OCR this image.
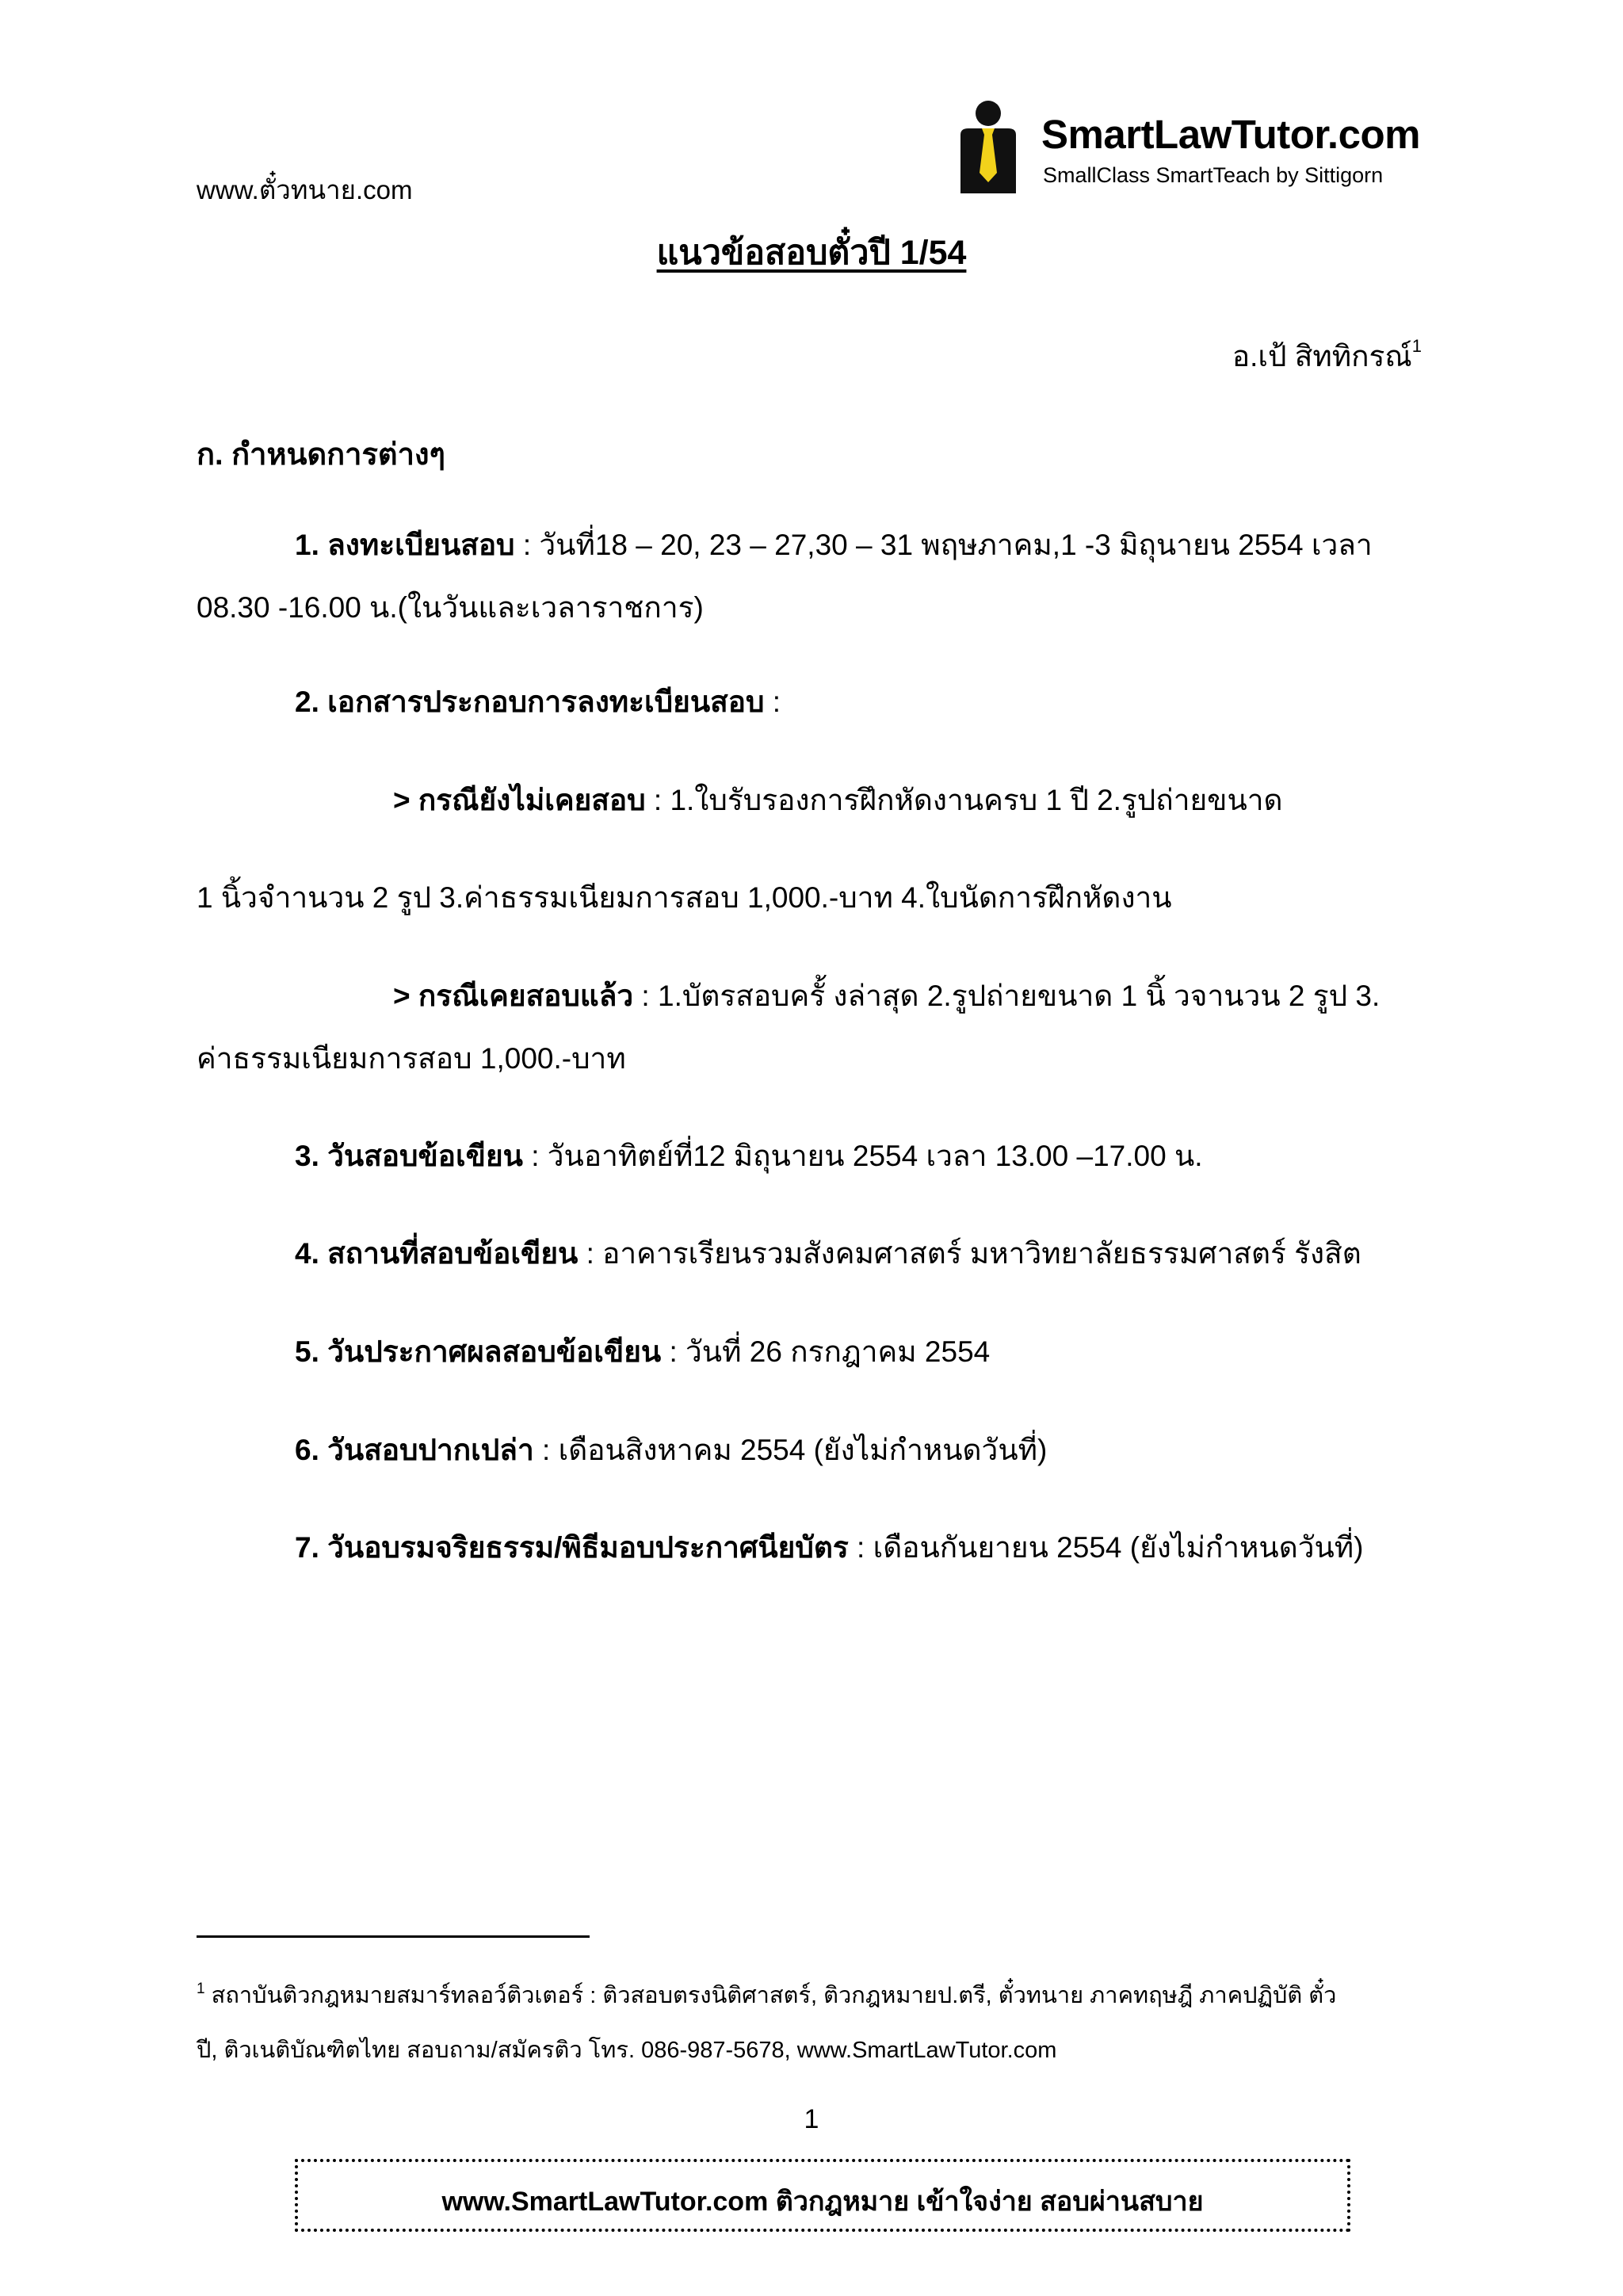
www.ตั๋วทนาย.com
SmartLawTutor.com
SmallClass SmartTeach by Sittigorn
แนวข้อสอบตั๋วปี 1/54
อ.เป้ สิททิกรณ์$^1$
ก. กำหนดการต่างๆ
1. ลงทะเบียนสอบ : วันที่18 – 20, 23 – 27,30 – 31 พฤษภาคม,1 -3 มิถุนายน 2554 เวลา
08.30 -16.00 น.(ในวันและเวลาราชการ)
2. เอกสารประกอบการลงทะเบียนสอบ :
> กรณียังไม่เคยสอบ : 1.ใบรับรองการฝึกหัดงานครบ 1 ปี 2.รูปถ่ายขนาด
1 นิ้วจำานวน 2 รูป 3.ค่าธรรมเนียมการสอบ 1,000.-บาท 4.ใบนัดการฝึกหัดงาน
> กรณีเคยสอบแล้ว : 1.บัตรสอบครั้ งล่าสุด 2.รูปถ่ายขนาด 1 นิ้ วจานวน 2 รูป 3.
ค่าธรรมเนียมการสอบ 1,000.-บาท
3. วันสอบข้อเขียน : วันอาทิตย์ที่12 มิถุนายน 2554 เวลา 13.00 –17.00 น.
4. สถานที่สอบข้อเขียน : อาคารเรียนรวมสังคมศาสตร์ มหาวิทยาลัยธรรมศาสตร์ รังสิต
5. วันประกาศผลสอบข้อเขียน : วันที่ 26 กรกฎาคม 2554
6. วันสอบปากเปล่า : เดือนสิงหาคม 2554 (ยังไม่กำหนดวันที่)
7. วันอบรมจริยธรรม/พิธีมอบประกาศนียบัตร : เดือนกันยายน 2554 (ยังไม่กำหนดวันที่)
$^1$ สถาบันติวกฎหมายสมาร์ทลอว์ติวเตอร์ : ติวสอบตรงนิติศาสตร์, ติวกฎหมายป.ตรี, ตั๋วทนาย ภาคทฤษฎี ภาคปฏิบัติ ตั๋ว
ปี, ติวเนติบัณฑิตไทย สอบถาม/สมัครติว โทร. 086-987-5678, www.SmartLawTutor.com
1
www.SmartLawTutor.com ติวกฎหมาย เข้าใจง่าย สอบผ่านสบาย
